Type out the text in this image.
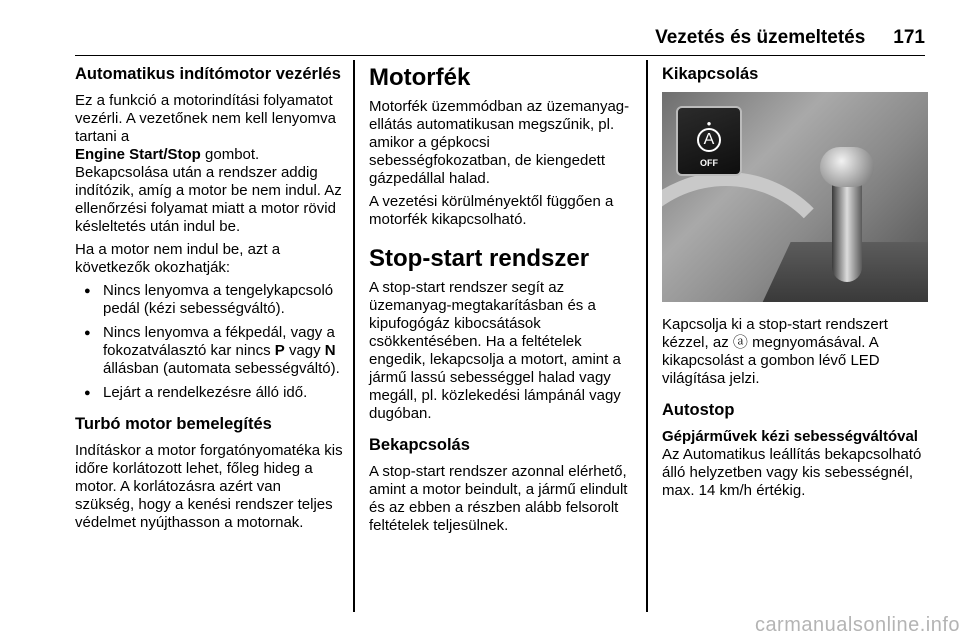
Vezetés és üzemeltetés 171
Automatikus indítómotor vezérlés

Ez a funkció a motorindítási folyamatot vezérli. A vezetőnek nem kell lenyomva tartani a
Engine Start/Stop gombot. Bekapcsolása után a rendszer addig indítózik, amíg a motor be nem indul. Az ellenőrzési folyamat miatt a motor rövid késleltetés után indul be.

Ha a motor nem indul be, azt a következők okozhatják:

● Nincs lenyomva a tengelykapcsoló pedál (kézi sebességváltó).
● Nincs lenyomva a fékpedál, vagy a fokozatválasztó kar nincs P vagy N állásban (automata sebességváltó).
● Lejárt a rendelkezésre álló idő.
Turbó motor bemelegítés

Indításkor a motor forgatónyomatéka kis időre korlátozott lehet, főleg hideg a motor. A korlátozásra azért van szükség, hogy a kenési rendszer teljes védelmet nyújthasson a motornak.

Motorfék

Motorfék üzemmódban az üzemanyag-ellátás automatikusan megszűnik, pl. amikor a gépkocsi sebességfokozatban, de kiengedett gázpedállal halad.

A vezetési körülményektől függően a motorfék kikapcsolható.

Stop-start rendszer

A stop-start rendszer segít az üzemanyag-megtakarításban és a kipufogógáz kibocsátások csökkentésében. Ha a feltételek engedik, lekapcsolja a motort, amint a jármű lassú sebességgel halad vagy megáll, pl. közlekedési lámpánál vagy dugóban.

Bekapcsolás

A stop-start rendszer azonnal elérhető, amint a motor beindult, a jármű elindult és az ebben a részben alább felsorolt feltételek teljesülnek.

Kikapcsolás
●
A
OFF

Kapcsolja ki a stop-start rendszert kézzel, az ⓐ megnyomásával. A kikapcsolást a gombon lévő LED világítása jelzi.

Autostop
Gépjárművek kézi sebességváltóval

Az Automatikus leállítás bekapcsolható álló helyzetben vagy kis sebességnél, max. 14 km/h értékig.

carmanualsonline.info
